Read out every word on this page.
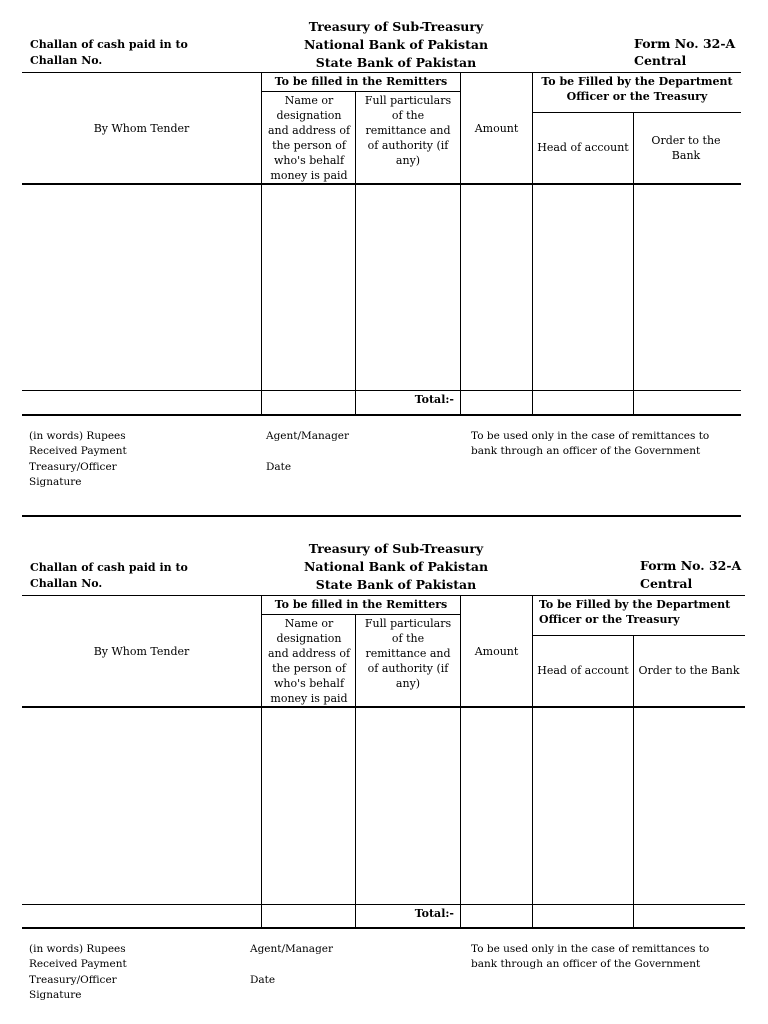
Treasury of Sub-Treasury
National Bank of Pakistan
State Bank of Pakistan
Challan of cash paid in to
Challan No.
Form No. 32-A
Central
By Whom Tender
To be filled in the Remitters
Name or designation and address of the person of who's behalf money is paid
Full particulars of the remittance and of authority (if any)
Amount
To be Filled by the Department Officer or the Treasury
Head of account
Order to the Bank
Total:-
(in words) Rupees
Received Payment
Treasury/Officer
Signature
Agent/Manager
Date
To be used only in the case of remittances to bank through an officer of the Government
Treasury of Sub-Treasury
National Bank of Pakistan
State Bank of Pakistan
Challan of cash paid in to
Challan No.
Form No. 32-A
Central
By Whom Tender
To be filled in the Remitters
Name or designation and address of the person of who's behalf money is paid
Full particulars of the remittance and of authority (if any)
Amount
To be Filled by the Department Officer or the Treasury
Head of account Order to the Bank
Total:-
(in words) Rupees
Received Payment
Treasury/Officer
Signature
Agent/Manager
Date
To be used only in the case of remittances to bank through an officer of the Government
